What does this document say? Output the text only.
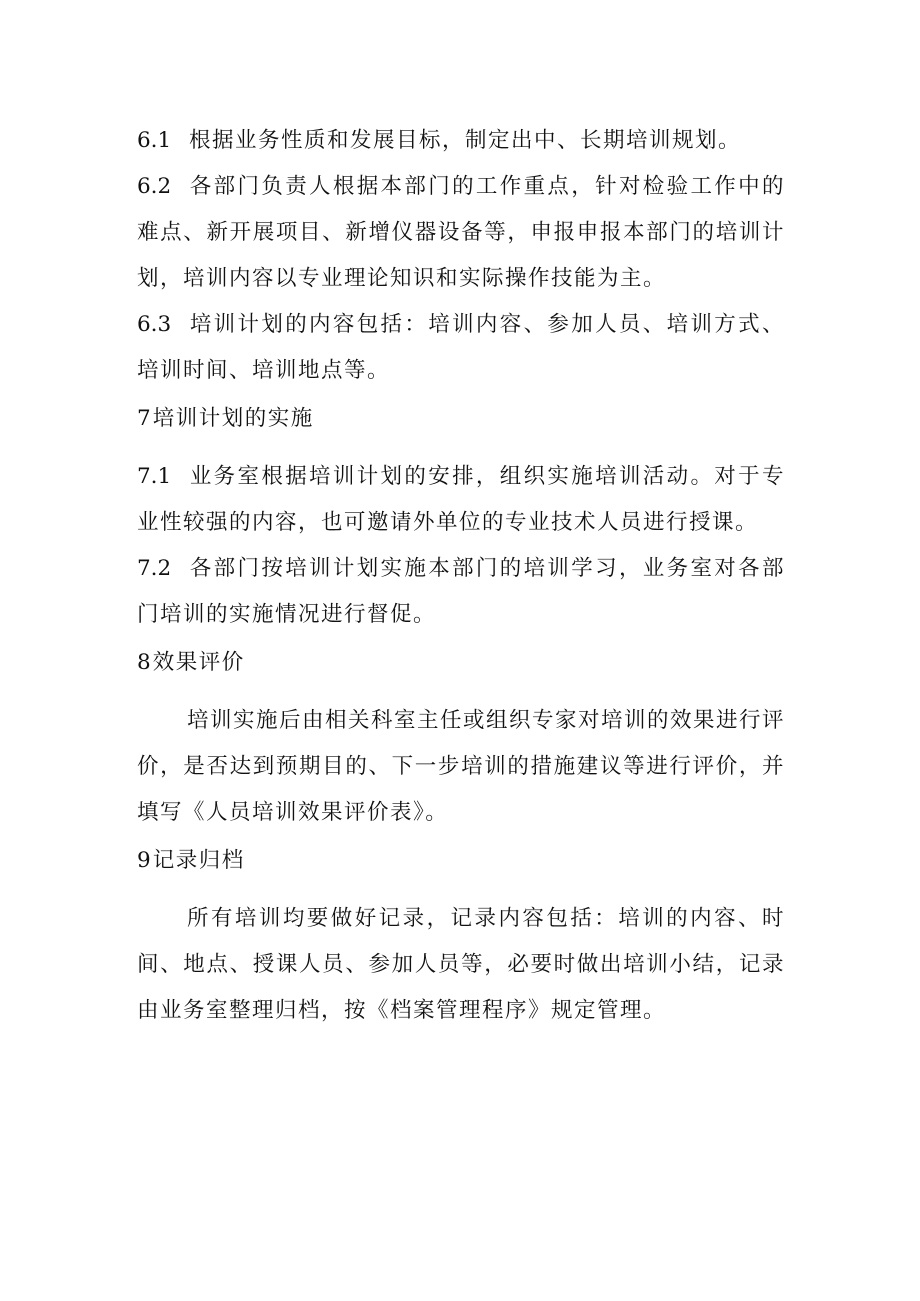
6.1 根据业务性质和发展目标，制定出中、长期培训规划。

6.2 各部门负责人根据本部门的工作重点，针对检验工作中的难点、新开展项目、新增仪器设备等，申报申报本部门的培训计划，培训内容以专业理论知识和实际操作技能为主。

6.3 培训计划的内容包括：培训内容、参加人员、培训方式、培训时间、培训地点等。

7培训计划的实施

7.1 业务室根据培训计划的安排，组织实施培训活动。对于专业性较强的内容，也可邀请外单位的专业技术人员进行授课。

7.2 各部门按培训计划实施本部门的培训学习，业务室对各部门培训的实施情况进行督促。

8效果评价

培训实施后由相关科室主任或组织专家对培训的效果进行评价，是否达到预期目的、下一步培训的措施建议等进行评价，并填写《人员培训效果评价表》。

9记录归档

所有培训均要做好记录，记录内容包括：培训的内容、时间、地点、授课人员、参加人员等，必要时做出培训小结，记录由业务室整理归档，按《档案管理程序》规定管理。
